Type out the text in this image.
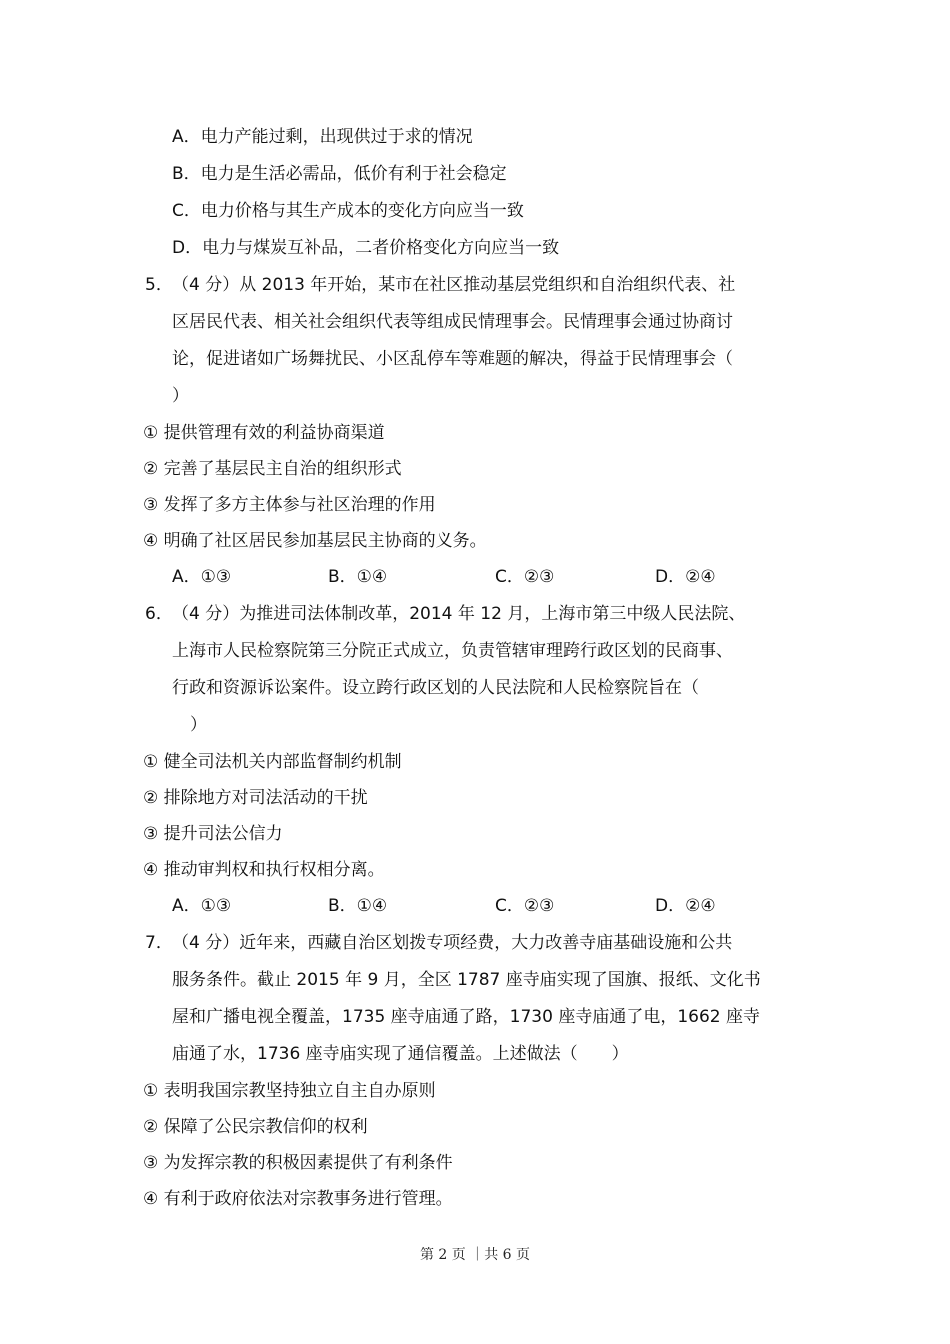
A．电力产能过剩，出现供过于求的情况
B．电力是生活必需品，低价有利于社会稳定
C．电力价格与其生产成本的变化方向应当一致
D．电力与煤炭互补品，二者价格变化方向应当一致
5． （4 分）从 2013 年开始，某市在社区推动基层党组织和自治组织代表、社
区居民代表、相关社会组织代表等组成民情理事会。民情理事会通过协商讨
论，促进诸如广场舞扰民、小区乱停车等难题的解决，得益于民情理事会（
）
① 提供管理有效的利益协商渠道
② 完善了基层民主自治的组织形式
③ 发挥了多方主体参与社区治理的作用
④ 明确了社区居民参加基层民主协商的义务。
A．①③	B．①④	C．②③	D．②④
6． （4 分）为推进司法体制改革，2014 年 12 月，上海市第三中级人民法院、
上海市人民检察院第三分院正式成立，负责管辖审理跨行政区划的民商事、
行政和资源诉讼案件。设立跨行政区划的人民法院和人民检察院旨在（
）
① 健全司法机关内部监督制约机制
② 排除地方对司法活动的干扰
③ 提升司法公信力
④ 推动审判权和执行权相分离。
A．①③	B．①④	C．②③	D．②④
7． （4 分）近年来，西藏自治区划拨专项经费，大力改善寺庙基础设施和公共
服务条件。截止 2015 年 9 月，全区 1787 座寺庙实现了国旗、报纸、文化书
屋和广播电视全覆盖，1735 座寺庙通了路，1730 座寺庙通了电，1662 座寺
庙通了水，1736 座寺庙实现了通信覆盖。上述做法（　　）
① 表明我国宗教坚持独立自主自办原则
② 保障了公民宗教信仰的权利
③ 为发挥宗教的积极因素提供了有利条件
④ 有利于政府依法对宗教事务进行管理。
第 2 页 ｜共 6 页
